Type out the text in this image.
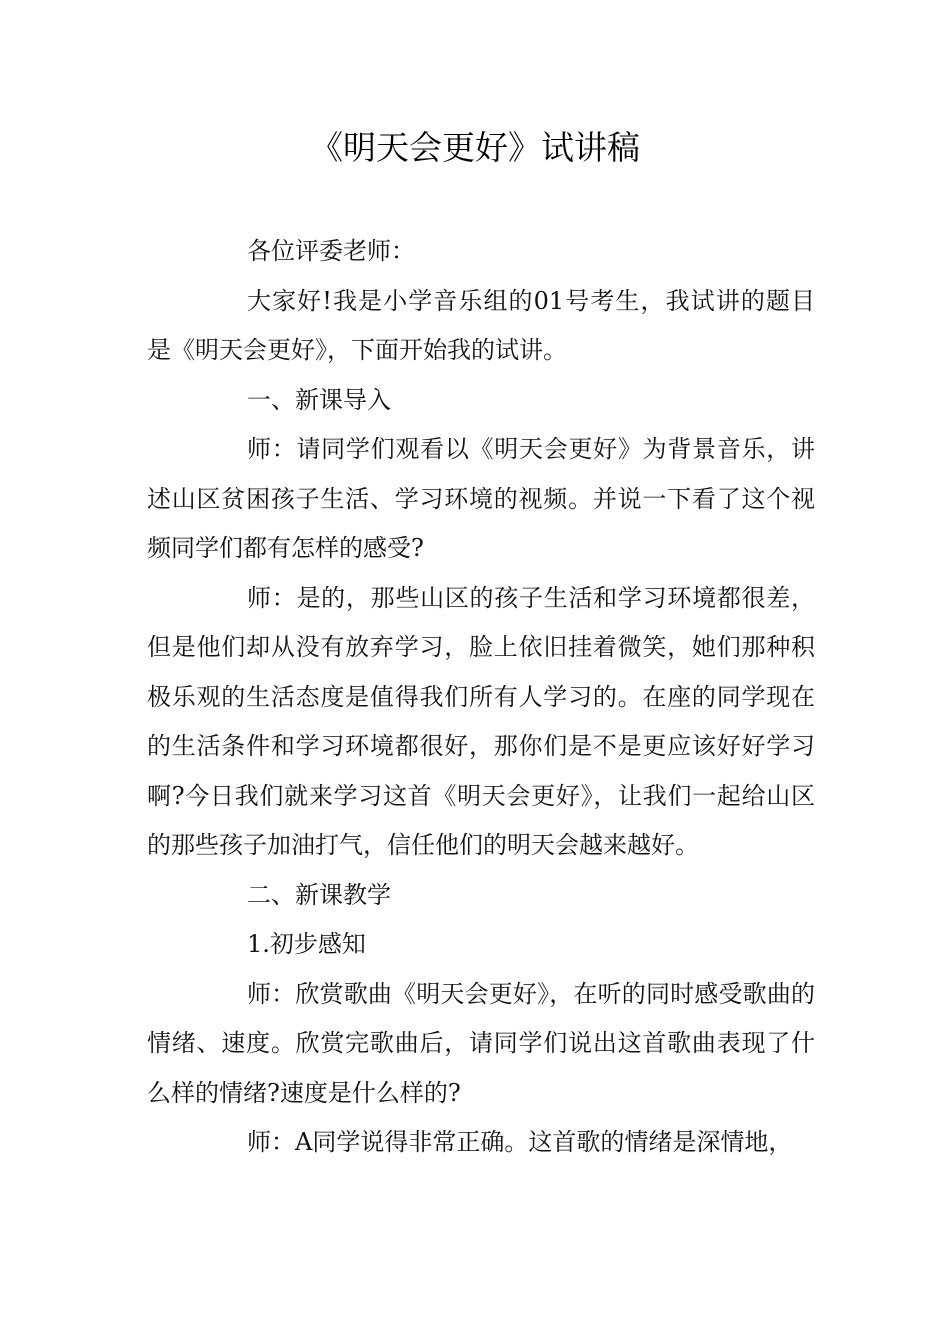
《明天会更好》试讲稿

各位评委老师：

大家好!我是小学音乐组的01号考生，我试讲的题目是《明天会更好》，下面开始我的试讲。

一、新课导入

师：请同学们观看以《明天会更好》为背景音乐，讲述山区贫困孩子生活、学习环境的视频。并说一下看了这个视频同学们都有怎样的感受?

师：是的，那些山区的孩子生活和学习环境都很差，但是他们却从没有放弃学习，脸上依旧挂着微笑，她们那种积极乐观的生活态度是值得我们所有人学习的。在座的同学现在的生活条件和学习环境都很好，那你们是不是更应该好好学习啊?今日我们就来学习这首《明天会更好》，让我们一起给山区的那些孩子加油打气，信任他们的明天会越来越好。

二、新课教学

1.初步感知

师：欣赏歌曲《明天会更好》，在听的同时感受歌曲的情绪、速度。欣赏完歌曲后，请同学们说出这首歌曲表现了什么样的情绪?速度是什么样的?

师：A同学说得非常正确。这首歌的情绪是深情地，
